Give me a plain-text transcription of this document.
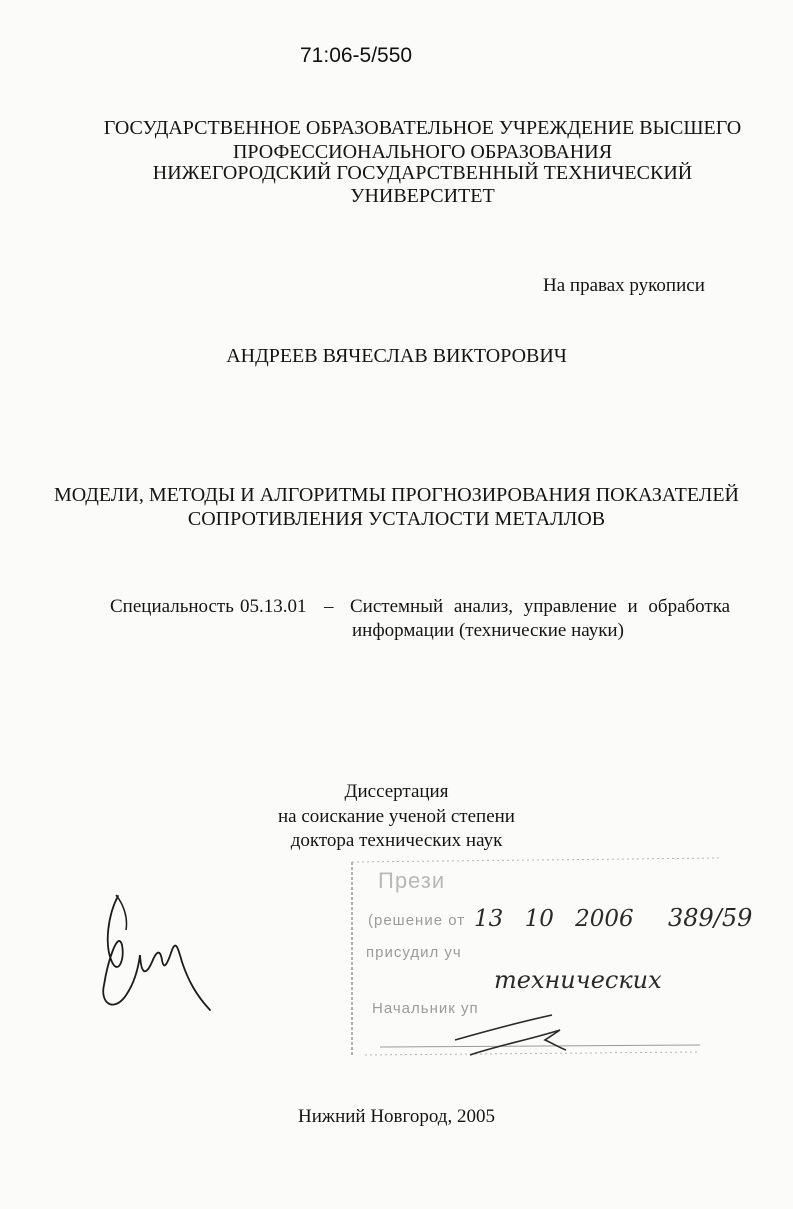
71:06-5/550
ГОСУДАРСТВЕННОЕ ОБРАЗОВАТЕЛЬНОЕ УЧРЕЖДЕНИЕ ВЫСШЕГО
ПРОФЕССИОНАЛЬНОГО ОБРАЗОВАНИЯ
НИЖЕГОРОДСКИЙ ГОСУДАРСТВЕННЫЙ ТЕХНИЧЕСКИЙ
УНИВЕРСИТЕТ
На правах рукописи
АНДРЕЕВ ВЯЧЕСЛАВ ВИКТОРОВИЧ
МОДЕЛИ, МЕТОДЫ И АЛГОРИТМЫ ПРОГНОЗИРОВАНИЯ ПОКАЗАТЕЛЕЙ
СОПРОТИВЛЕНИЯ УСТАЛОСТИ МЕТАЛЛОВ
Специальность 05.13.01 – Системный анализ, управление и обработка
информации (технические науки)
Диссертация
на соискание ученой степени
доктора технических наук
Прези
(решение от
присудил уч
Начальник уп
13 10 2006 389/59
технических
Нижний Новгород, 2005
